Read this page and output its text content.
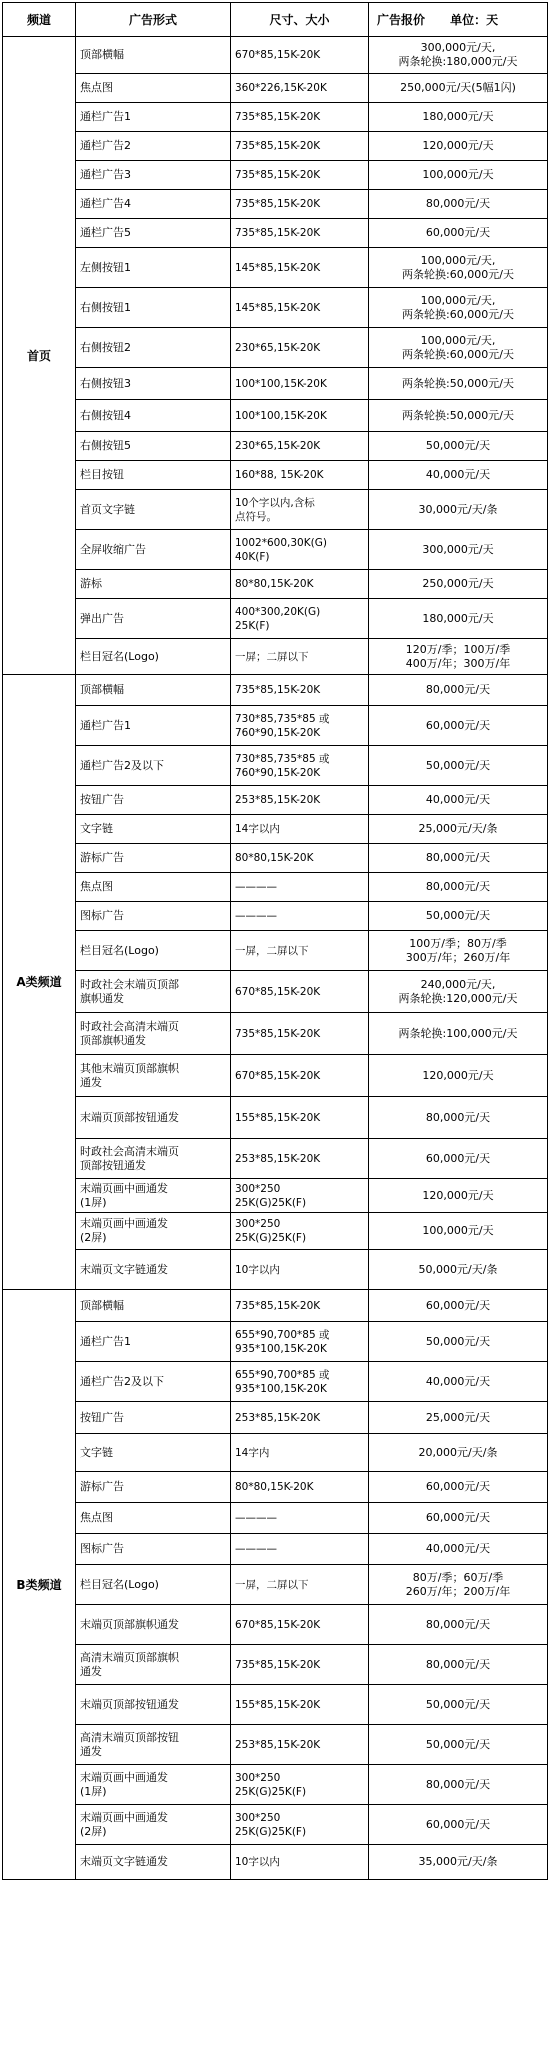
频道	广告形式	尺寸、大小	广告报价 单位：天
首页	顶部横幅	670*85,15K-20K	300,000元/天,
两条轮换:180,000元/天

	焦点图	360*226,15K-20K	250,000元/天(5幅1闪)

	通栏广告1	735*85,15K-20K	180,000元/天

	通栏广告2	735*85,15K-20K	120,000元/天

	通栏广告3	735*85,15K-20K	100,000元/天

	通栏广告4	735*85,15K-20K	80,000元/天

	通栏广告5	735*85,15K-20K	60,000元/天

	左侧按钮1	145*85,15K-20K	100,000元/天,
两条轮换:60,000元/天

	右侧按钮1	145*85,15K-20K	100,000元/天,
两条轮换:60,000元/天

	右侧按钮2	230*65,15K-20K	100,000元/天,
两条轮换:60,000元/天

	右侧按钮3	100*100,15K-20K	两条轮换:50,000元/天

	右侧按钮4	100*100,15K-20K	两条轮换:50,000元/天

	右侧按钮5	230*65,15K-20K	50,000元/天

	栏目按钮	160*88, 15K-20K	40,000元/天

	首页文字链	10个字以内,含标
点符号。	30,000元/天/条

	全屏收缩广告	1002*600,30K(G)
40K(F)	300,000元/天

	游标	80*80,15K-20K	250,000元/天

	弹出广告	400*300,20K(G)
25K(F)	180,000元/天

	栏目冠名(Logo)	一屏；二屏以下	120万/季；100万/季
400万/年；300万/年

A类频道	顶部横幅	735*85,15K-20K	80,000元/天

	通栏广告1	730*85,735*85 或
760*90,15K-20K	60,000元/天

	通栏广告2及以下	730*85,735*85 或
760*90,15K-20K	50,000元/天

	按钮广告	253*85,15K-20K	40,000元/天

	文字链	14字以内	25,000元/天/条

	游标广告	80*80,15K-20K	80,000元/天

	焦点图	————	80,000元/天

	图标广告	————	50,000元/天

	栏目冠名(Logo)	一屏，二屏以下	100万/季；80万/季
300万/年；260万/年

	时政社会末端页顶部
旗帜通发	670*85,15K-20K	240,000元/天,
两条轮换:120,000元/天

	时政社会高清末端页
顶部旗帜通发	735*85,15K-20K	两条轮换:100,000元/天

	其他末端页顶部旗帜
通发	670*85,15K-20K	120,000元/天

	末端页顶部按钮通发	155*85,15K-20K	80,000元/天

	时政社会高清末端页
顶部按钮通发	253*85,15K-20K	60,000元/天

	末端页画中画通发
(1屏)	300*250
25K(G)25K(F)	120,000元/天

	末端页画中画通发
(2屏)	300*250
25K(G)25K(F)	100,000元/天

	末端页文字链通发	10字以内	50,000元/天/条

B类频道	顶部横幅	735*85,15K-20K	60,000元/天

	通栏广告1	655*90,700*85 或
935*100,15K-20K	50,000元/天

	通栏广告2及以下	655*90,700*85 或
935*100,15K-20K	40,000元/天

	按钮广告	253*85,15K-20K	25,000元/天

	文字链	14字内	20,000元/天/条

	游标广告	80*80,15K-20K	60,000元/天

	焦点图	————	60,000元/天

	图标广告	————	40,000元/天

	栏目冠名(Logo)	一屏，二屏以下	80万/季；60万/季
260万/年；200万/年

	末端页顶部旗帜通发	670*85,15K-20K	80,000元/天

	高清末端页顶部旗帜
通发	735*85,15K-20K	80,000元/天

	末端页顶部按钮通发	155*85,15K-20K	50,000元/天

	高清末端页顶部按钮
通发	253*85,15K-20K	50,000元/天

	末端页画中画通发
(1屏)	300*250
25K(G)25K(F)	80,000元/天

	末端页画中画通发
(2屏)	300*250
25K(G)25K(F)	60,000元/天

	末端页文字链通发	10字以内	35,000元/天/条
